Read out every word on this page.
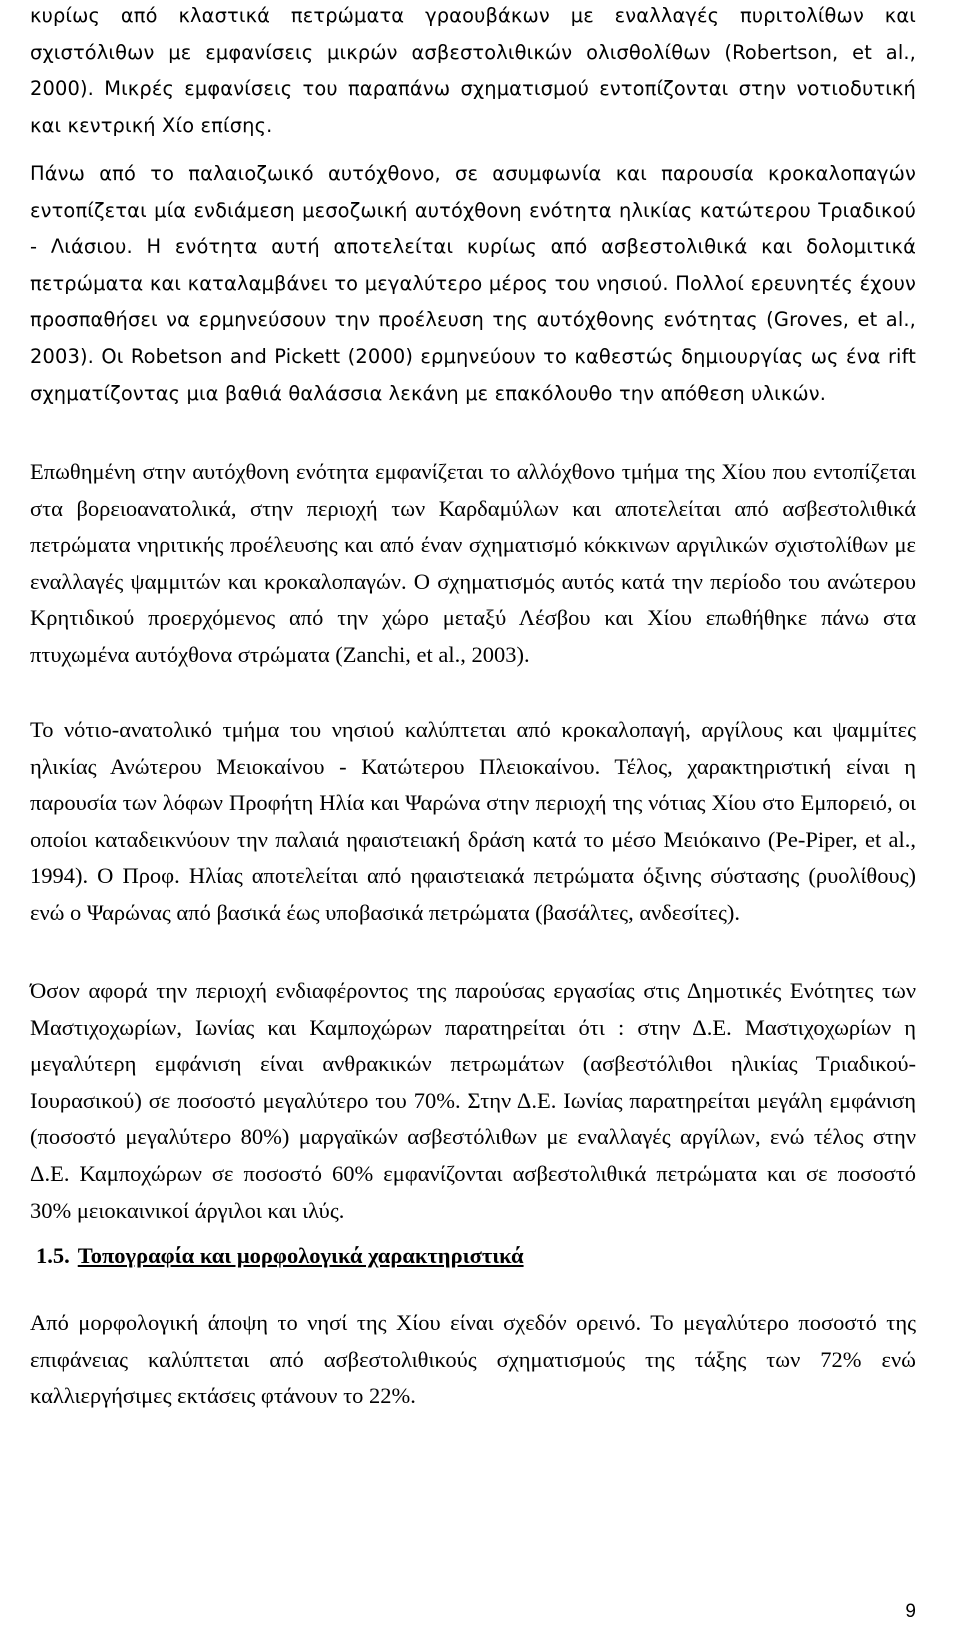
κυρίως από κλαστικά πετρώματα γραουβάκων με εναλλαγές πυριτολίθων και σχιστόλιθων με εμφανίσεις μικρών ασβεστολιθικών ολισθολίθων (Robertson, et al., 2000). Μικρές εμφανίσεις του παραπάνω σχηματισμού εντοπίζονται στην νοτιοδυτική και κεντρική Χίο επίσης.

Πάνω από το παλαιοζωικό αυτόχθονο, σε ασυμφωνία και παρουσία κροκαλοπαγών εντοπίζεται μία ενδιάμεση μεσοζωική αυτόχθονη ενότητα ηλικίας κατώτερου Τριαδικού - Λιάσιου. Η ενότητα αυτή αποτελείται κυρίως από ασβεστολιθικά και δολομιτικά πετρώματα και καταλαμβάνει το μεγαλύτερο μέρος του νησιού. Πολλοί ερευνητές έχουν προσπαθήσει να ερμηνεύσουν την προέλευση της αυτόχθονης ενότητας (Groves, et al., 2003). Οι Robetson and Pickett (2000) ερμηνεύουν το καθεστώς δημιουργίας ως ένα rift σχηματίζοντας μια βαθιά θαλάσσια λεκάνη με επακόλουθο την απόθεση υλικών.

Επωθημένη στην αυτόχθονη ενότητα εμφανίζεται το αλλόχθονο τμήμα της Χίου που εντοπίζεται στα βορειοανατολικά, στην περιοχή των Καρδαμύλων και αποτελείται από ασβεστολιθικά πετρώματα νηριτικής προέλευσης και από έναν σχηματισμό κόκκινων αργιλικών σχιστολίθων με εναλλαγές ψαμμιτών και κροκαλοπαγών. Ο σχηματισμός αυτός κατά την περίοδο του ανώτερου Κρητιδικού προερχόμενος από την χώρο μεταξύ Λέσβου και Χίου επωθήθηκε πάνω στα πτυχωμένα αυτόχθονα στρώματα (Zanchi, et al., 2003).

Το νότιο-ανατολικό τμήμα του νησιού καλύπτεται από κροκαλοπαγή, αργίλους και ψαμμίτες ηλικίας Ανώτερου Μειοκαίνου - Κατώτερου Πλειοκαίνου. Τέλος, χαρακτηριστική είναι η παρουσία των λόφων Προφήτη Ηλία και Ψαρώνα στην περιοχή της νότιας Χίου στο Εμπορειό, οι οποίοι καταδεικνύουν την παλαιά ηφαιστειακή δράση κατά το μέσο Μειόκαινο (Pe-Piper, et al., 1994). Ο Προφ. Ηλίας αποτελείται από ηφαιστειακά πετρώματα όξινης σύστασης (ρυολίθους) ενώ ο Ψαρώνας από βασικά έως υποβασικά πετρώματα (βασάλτες, ανδεσίτες).

Όσον αφορά την περιοχή ενδιαφέροντος της παρούσας εργασίας στις Δημοτικές Ενότητες των Μαστιχοχωρίων, Ιωνίας και Καμποχώρων παρατηρείται ότι : στην Δ.Ε. Μαστιχοχωρίων η μεγαλύτερη εμφάνιση είναι ανθρακικών πετρωμάτων (ασβεστόλιθοι ηλικίας Τριαδικού-Ιουρασικού) σε ποσοστό μεγαλύτερο του 70%. Στην Δ.Ε. Ιωνίας παρατηρείται μεγάλη εμφάνιση (ποσοστό μεγαλύτερο 80%) μαργαϊκών ασβεστόλιθων με εναλλαγές αργίλων, ενώ τέλος στην Δ.Ε. Καμποχώρων σε ποσοστό 60% εμφανίζονται ασβεστολιθικά πετρώματα και σε ποσοστό 30% μειοκαινικοί άργιλοι και ιλύς.

1.5. Τοπογραφία και μορφολογικά χαρακτηριστικά

Από μορφολογική άποψη το νησί της Χίου είναι σχεδόν ορεινό. Το μεγαλύτερο ποσοστό της επιφάνειας καλύπτεται από ασβεστολιθικούς σχηματισμούς της τάξης των 72% ενώ καλλιεργήσιμες εκτάσεις φτάνουν το 22%.

9
